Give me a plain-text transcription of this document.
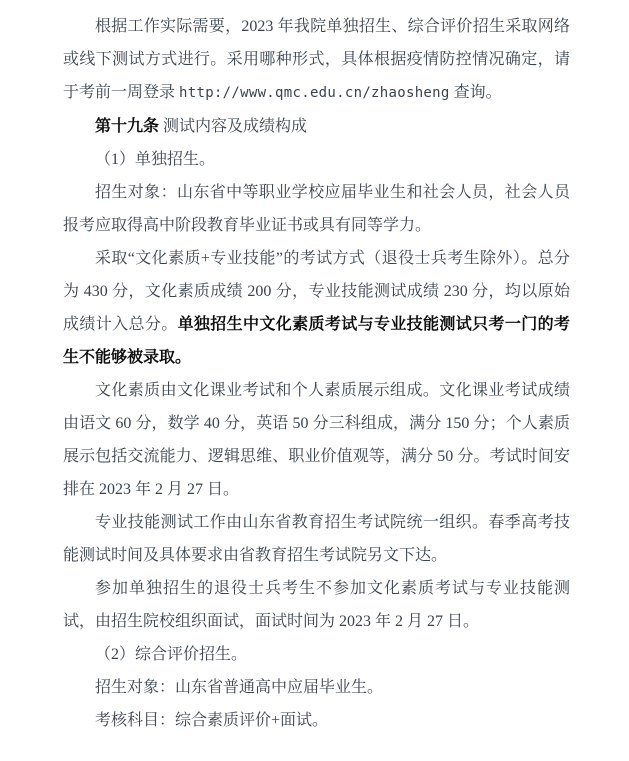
根据工作实际需要，2023 年我院单独招生、综合评价招生采取网络或线下测试方式进行。采用哪种形式，具体根据疫情防控情况确定，请于考前一周登录 http://www.qmc.edu.cn/zhaosheng 查询。

第十九条 测试内容及成绩构成

（1）单独招生。

招生对象：山东省中等职业学校应届毕业生和社会人员，社会人员报考应取得高中阶段教育毕业证书或具有同等学力。

采取“文化素质+专业技能”的考试方式（退役士兵考生除外）。总分为 430 分，文化素质成绩 200 分，专业技能测试成绩 230 分，均以原始成绩计入总分。单独招生中文化素质考试与专业技能测试只考一门的考生不能够被录取。

文化素质由文化课业考试和个人素质展示组成。文化课业考试成绩由语文 60 分，数学 40 分，英语 50 分三科组成，满分 150 分；个人素质展示包括交流能力、逻辑思维、职业价值观等，满分 50 分。考试时间安排在 2023 年 2 月 27 日。

专业技能测试工作由山东省教育招生考试院统一组织。春季高考技能测试时间及具体要求由省教育招生考试院另文下达。

参加单独招生的退役士兵考生不参加文化素质考试与专业技能测试，由招生院校组织面试，面试时间为 2023 年 2 月 27 日。

（2）综合评价招生。

招生对象：山东省普通高中应届毕业生。

考核科目：综合素质评价+面试。
